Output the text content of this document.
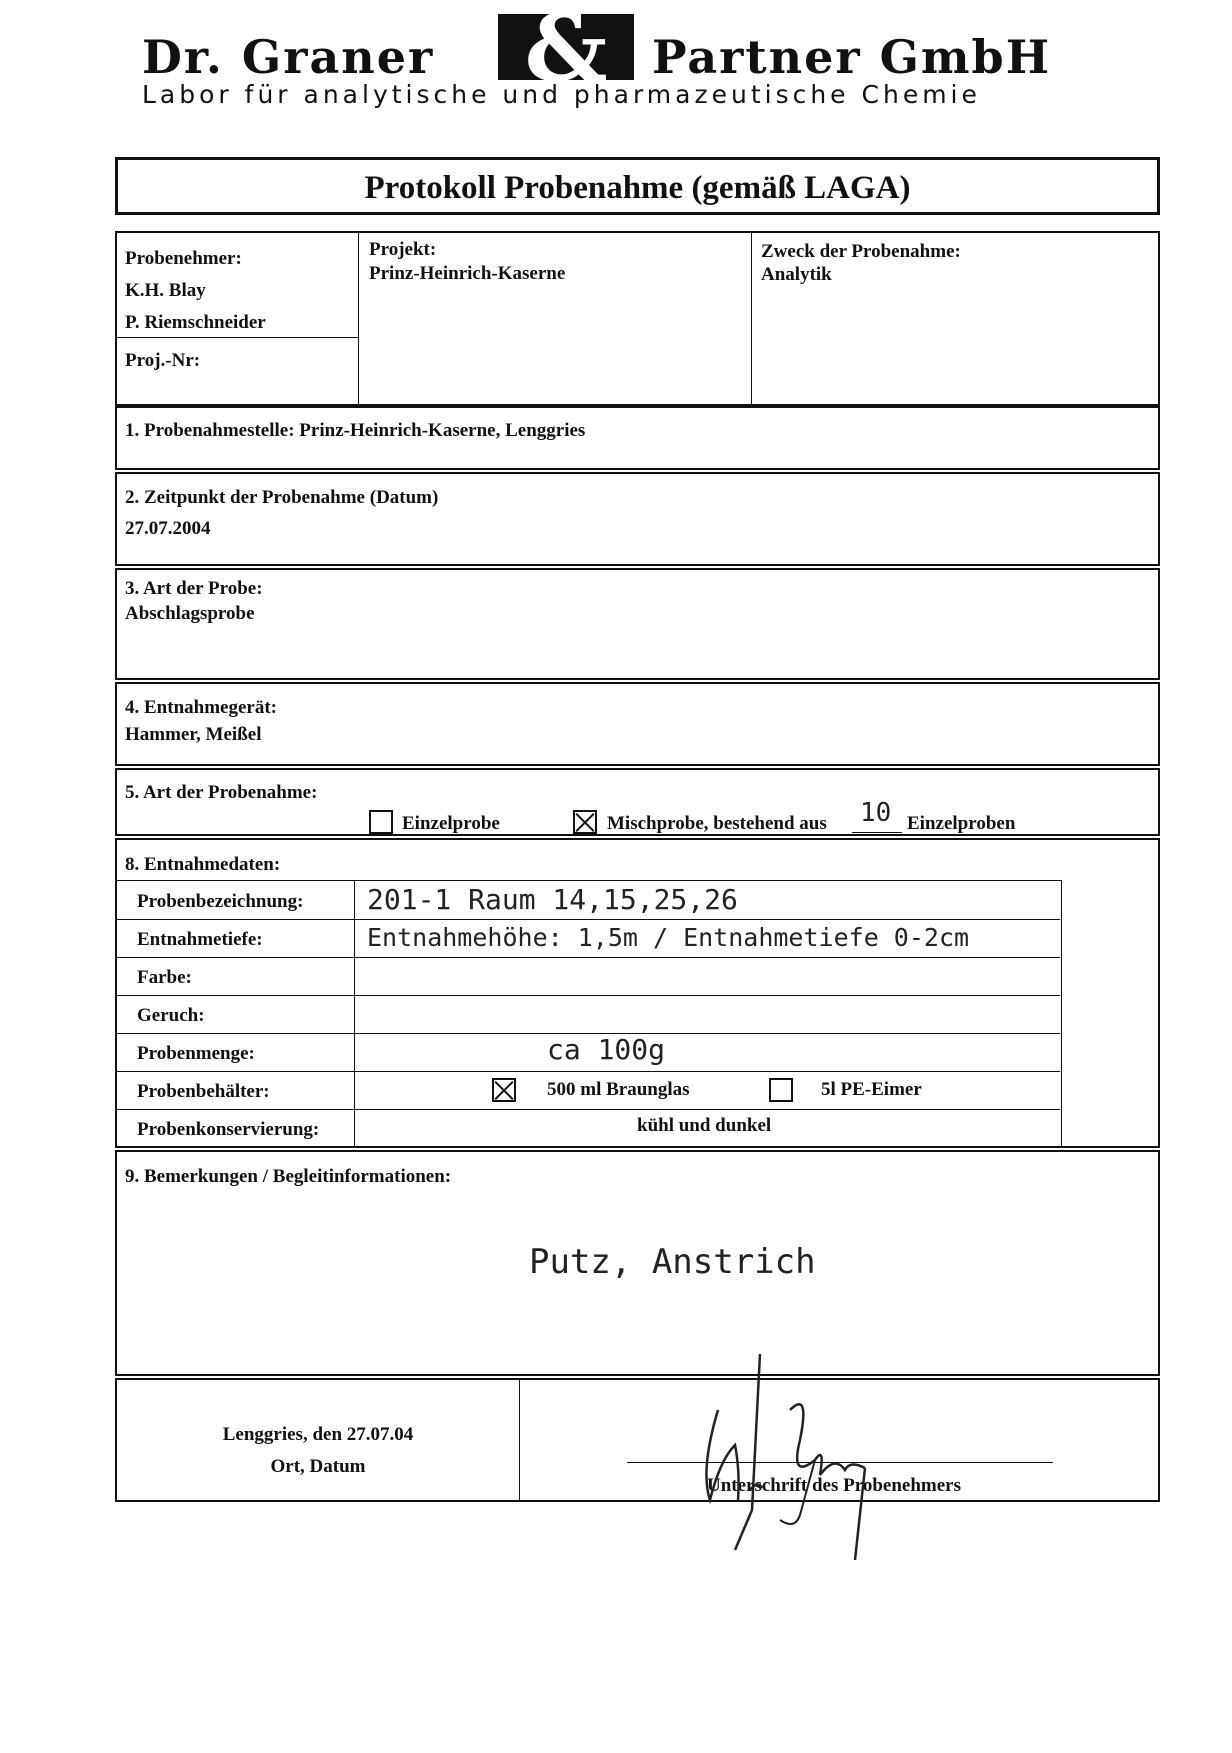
Dr. Graner & Partner GmbH
Labor für analytische und pharmazeutische Chemie
Protokoll Probenahme (gemäß LAGA)
Probenehmer:
K.H. Blay
P. Riemschneider
Proj.-Nr:
Projekt:
Prinz-Heinrich-Kaserne
Zweck der Probenahme:
Analytik
1. Probenahmestelle: Prinz-Heinrich-Kaserne, Lenggries
2. Zeitpunkt der Probenahme (Datum)
27.07.2004
3. Art der Probe:
Abschlagsprobe
4. Entnahmegerät:
Hammer, Meißel
5. Art der Probenahme:
Einzelprobe	Mischprobe, bestehend aus 10 Einzelproben
8. Entnahmedaten:
Probenbezeichnung: 201-1 Raum 14,15,25,26
Entnahmetiefe:	Entnahmehöhe: 1,5m / Entnahmetiefe 0-2cm
Farbe:
Geruch:
Probenmenge:	ca 100g
Probenbehälter:	500 ml Braunglas	5l PE-Eimer
Probenkonservierung:	kühl und dunkel
9. Bemerkungen / Begleitinformationen:
Putz, Anstrich
Lenggries, den 27.07.04
Ort, Datum
Unterschrift des Probenehmers
